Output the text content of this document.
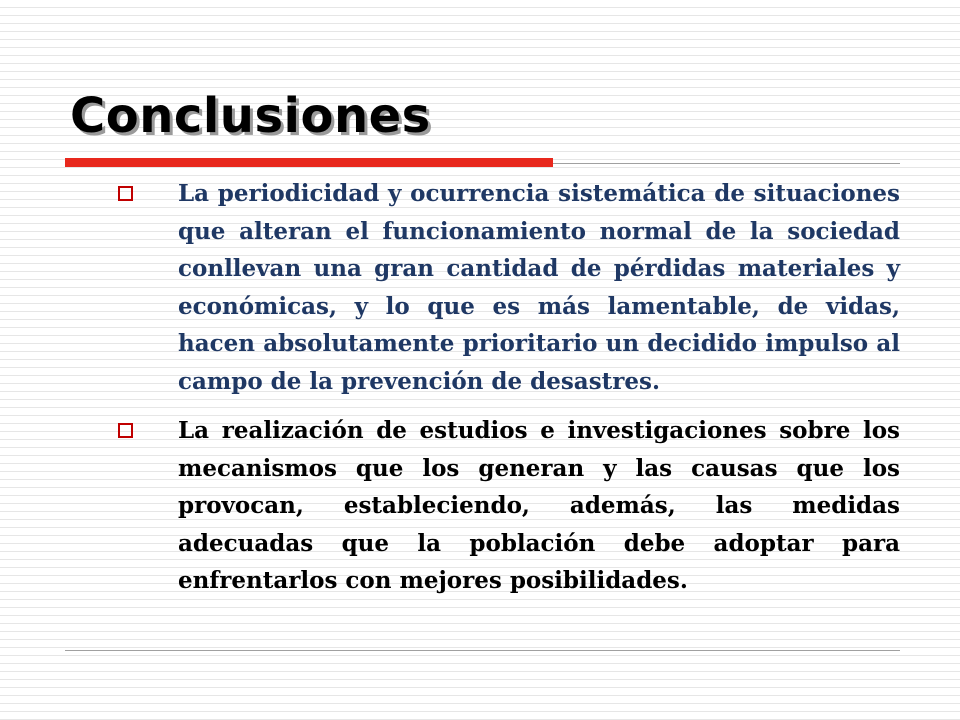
Conclusiones
La periodicidad y ocurrencia sistemática de situaciones que alteran el funcionamiento normal de la sociedad conllevan una gran cantidad de pérdidas materiales y económicas, y lo que es más lamentable, de vidas, hacen absolutamente prioritario un decidido impulso al campo de la prevención de desastres.
La realización de estudios e investigaciones sobre los mecanismos que los generan y las causas que los provocan, estableciendo, además, las medidas adecuadas que la población debe adoptar para enfrentarlos con mejores posibilidades.
